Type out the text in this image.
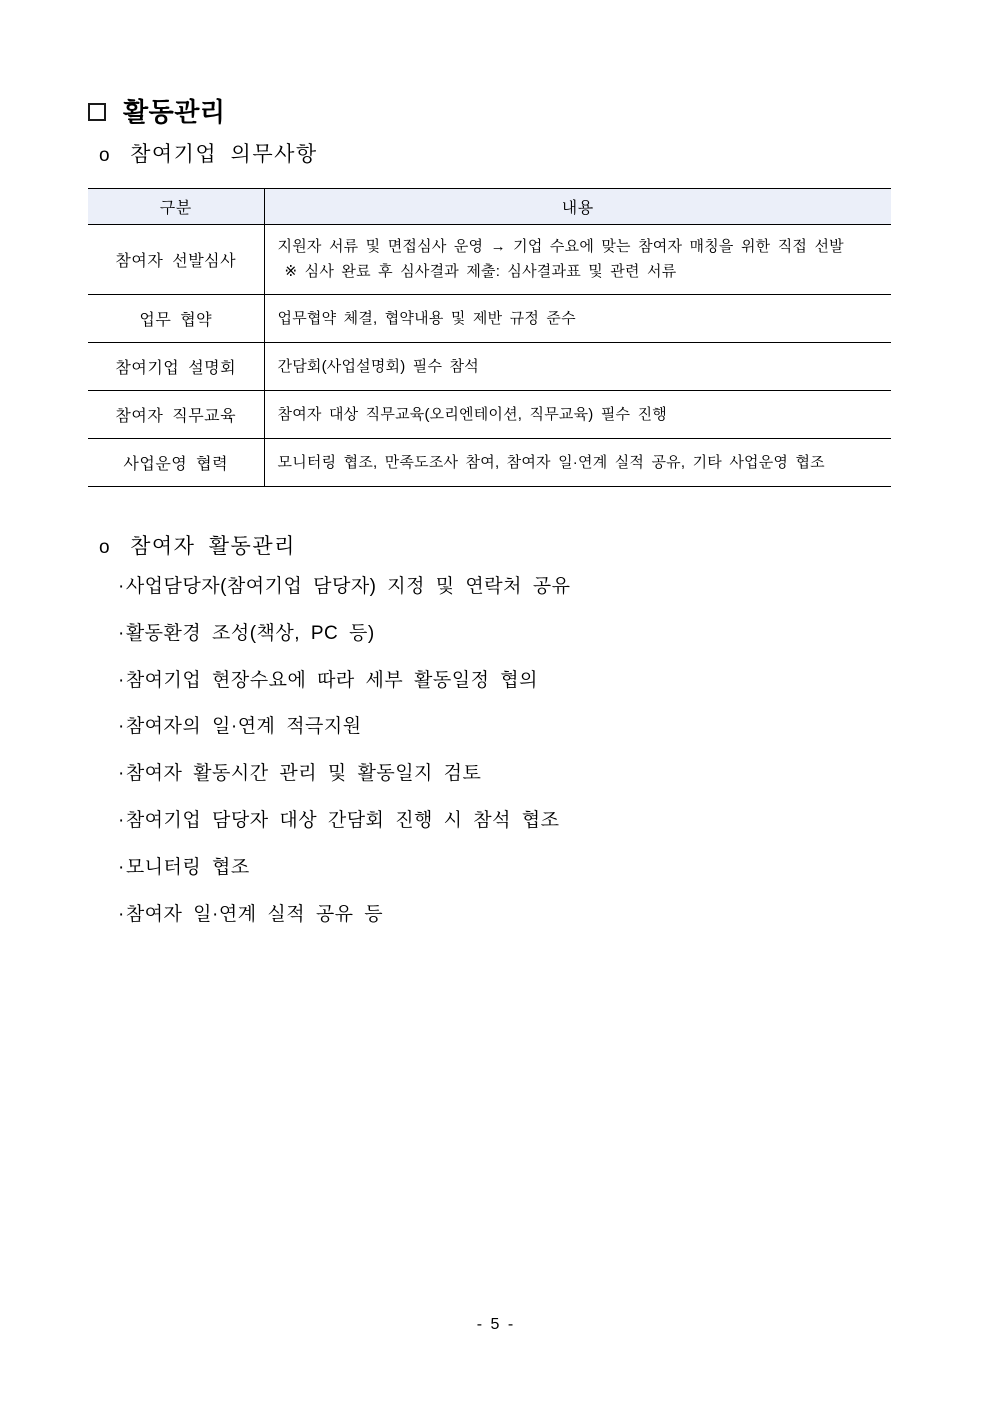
활동관리
o 참여기업 의무사항
구분	내용
참여자 선발심사	지원자 서류 및 면접심사 운영 → 기업 수요에 맞는 참여자 매칭을 위한 직접 선발
※ 심사 완료 후 심사결과 제출: 심사결과표 및 관련 서류

업무 협약	업무협약 체결, 협약내용 및 제반 규정 준수

참여기업 설명회	간담회(사업설명회) 필수 참석

참여자 직무교육	참여자 대상 직무교육(오리엔테이션, 직무교육) 필수 진행

사업운영 협력	모니터링 협조, 만족도조사 참여, 참여자 일·연계 실적 공유, 기타 사업운영 협조
o 참여자 활동관리
· 사업담당자(참여기업 담당자) 지정 및 연락처 공유
· 활동환경 조성(책상, PC 등)
· 참여기업 현장수요에 따라 세부 활동일정 협의
· 참여자의 일·연계 적극지원
· 참여자 활동시간 관리 및 활동일지 검토
· 참여기업 담당자 대상 간담회 진행 시 참석 협조
· 모니터링 협조
· 참여자 일·연계 실적 공유 등
- 5 -
